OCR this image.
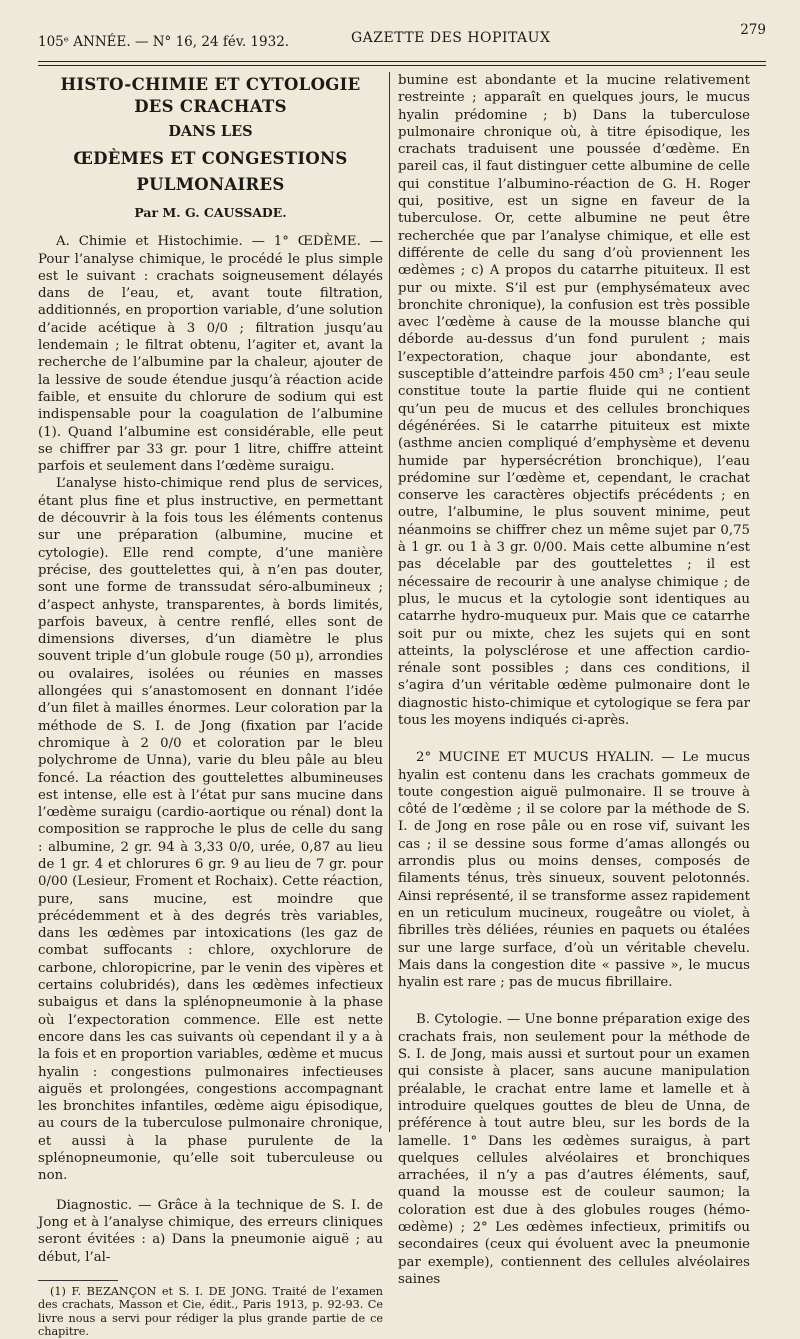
105ᵉ ANNÉE. — N° 16, 24 fév. 1932.	GAZETTE DES HOPITAUX	279
HISTO-CHIMIE ET CYTOLOGIE DES CRACHATS
DANS LES
ŒDÈMES ET CONGESTIONS PULMONAIRES
Par M. G. CAUSSADE.

A. Chimie et Histochimie. — 1° ŒDÈME. — Pour l’analyse chimique, le procédé le plus simple est le suivant : crachats soigneusement délayés dans de l’eau, et, avant toute filtration, additionnés, en proportion variable, d’une solution d’acide acétique à 3 0/0 ; filtration jusqu’au lendemain ; le filtrat obtenu, l’agiter et, avant la recherche de l’albumine par la chaleur, ajouter de la lessive de soude étendue jusqu’à réaction acide faible, et ensuite du chlorure de sodium qui est indispensable pour la coagulation de l’albumine (1). Quand l’albumine est considérable, elle peut se chiffrer par 33 gr. pour 1 litre, chiffre atteint parfois et seulement dans l’œdème suraigu.

L’analyse histo-chimique rend plus de services, étant plus fine et plus instructive, en permettant de découvrir à la fois tous les éléments contenus sur une préparation (albumine, mucine et cytologie). Elle rend compte, d’une manière précise, des gouttelettes qui, à n’en pas douter, sont une forme de transsudat séro-albumineux ; d’aspect anhyste, transparentes, à bords limités, parfois baveux, à centre renflé, elles sont de dimensions diverses, d’un diamètre le plus souvent triple d’un globule rouge (50 µ), arrondies ou ovalaires, isolées ou réunies en masses allongées qui s’anastomosent en donnant l’idée d’un filet à mailles énormes. Leur coloration par la méthode de S. I. de Jong (fixation par l’acide chromique à 2 0/0 et coloration par le bleu polychrome de Unna), varie du bleu pâle au bleu foncé. La réaction des gouttelettes albumineuses est intense, elle est à l’état pur sans mucine dans l’œdème suraigu (cardio-aortique ou rénal) dont la composition se rapproche le plus de celle du sang : albumine, 2 gr. 94 à 3,33 0/0, urée, 0,87 au lieu de 1 gr. 4 et chlorures 6 gr. 9 au lieu de 7 gr. pour 0/00 (Lesieur, Froment et Rochaix). Cette réaction, pure, sans mucine, est moindre que précédemment et à des degrés très variables, dans les œdèmes par intoxications (les gaz de combat suffocants : chlore, oxychlorure de carbone, chloropicrine, par le venin des vipères et certains colubridés), dans les œdèmes infectieux subaigus et dans la splénopneumonie à la phase où l’expectoration commence. Elle est nette encore dans les cas suivants où cependant il y a à la fois et en proportion variables, œdème et mucus hyalin : congestions pulmonaires infectieuses aiguës et prolongées, congestions accompagnant les bronchites infantiles, œdème aigu épisodique, au cours de la tuberculose pulmonaire chronique, et aussi à la phase purulente de la splénopneumonie, qu’elle soit tuberculeuse ou non.

Diagnostic. — Grâce à la technique de S. I. de Jong et à l’analyse chimique, des erreurs cliniques seront évitées : a) Dans la pneumonie aiguë ; au début, l’al-

(1) F. BEZANÇON et S. I. DE JONG. Traité de l’examen des crachats, Masson et Cie, édit., Paris 1913, p. 92-93. Ce livre nous a servi pour rédiger la plus grande partie de ce chapitre.

bumine est abondante et la mucine relativement restreinte ; apparaît en quelques jours, le mucus hyalin prédomine ; b) Dans la tuberculose pulmonaire chronique où, à titre épisodique, les crachats traduisent une poussée d’œdème. En pareil cas, il faut distinguer cette albumine de celle qui constitue l’albumino-réaction de G. H. Roger qui, positive, est un signe en faveur de la tuberculose. Or, cette albumine ne peut être recherchée que par l’analyse chimique, et elle est différente de celle du sang d’où proviennent les œdèmes ; c) A propos du catarrhe pituiteux. Il est pur ou mixte. S’il est pur (emphysémateux avec bronchite chronique), la confusion est très possible avec l’œdème à cause de la mousse blanche qui déborde au-dessus d’un fond purulent ; mais l’expectoration, chaque jour abondante, est susceptible d’atteindre parfois 450 cm³ ; l’eau seule constitue toute la partie fluide qui ne contient qu’un peu de mucus et des cellules bronchiques dégénérées. Si le catarrhe pituiteux est mixte (asthme ancien compliqué d’emphysème et devenu humide par hypersécrétion bronchique), l’eau prédomine sur l’œdème et, cependant, le crachat conserve les caractères objectifs précédents ; en outre, l’albumine, le plus souvent minime, peut néanmoins se chiffrer chez un même sujet par 0,75 à 1 gr. ou 1 à 3 gr. 0/00. Mais cette albumine n’est pas décelable par des gouttelettes ; il est nécessaire de recourir à une analyse chimique ; de plus, le mucus et la cytologie sont identiques au catarrhe hydro-muqueux pur. Mais que ce catarrhe soit pur ou mixte, chez les sujets qui en sont atteints, la polysclérose et une affection cardio-rénale sont possibles ; dans ces conditions, il s’agira d’un véritable œdème pulmonaire dont le diagnostic histo-chimique et cytologique se fera par tous les moyens indiqués ci-après.

2° MUCINE ET MUCUS HYALIN. — Le mucus hyalin est contenu dans les crachats gommeux de toute congestion aiguë pulmonaire. Il se trouve à côté de l’œdème ; il se colore par la méthode de S. I. de Jong en rose pâle ou en rose vif, suivant les cas ; il se dessine sous forme d’amas allongés ou arrondis plus ou moins denses, composés de filaments ténus, très sinueux, souvent pelotonnés. Ainsi représenté, il se transforme assez rapidement en un reticulum mucineux, rougeâtre ou violet, à fibrilles très déliées, réunies en paquets ou étalées sur une large surface, d’où un véritable chevelu. Mais dans la congestion dite « passive », le mucus hyalin est rare ; pas de mucus fibrillaire.

B. Cytologie. — Une bonne préparation exige des crachats frais, non seulement pour la méthode de S. I. de Jong, mais aussi et surtout pour un examen qui consiste à placer, sans aucune manipulation préalable, le crachat entre lame et lamelle et à introduire quelques gouttes de bleu de Unna, de préférence à tout autre bleu, sur les bords de la lamelle. 1° Dans les œdèmes suraigus, à part quelques cellules alvéolaires et bronchiques arrachées, il n’y a pas d’autres éléments, sauf, quand la mousse est de couleur saumon; la coloration est due à des globules rouges (hémo-œdème) ; 2° Les œdèmes infectieux, primitifs ou secondaires (ceux qui évoluent avec la pneumonie par exemple), contiennent des cellules alvéolaires saines
